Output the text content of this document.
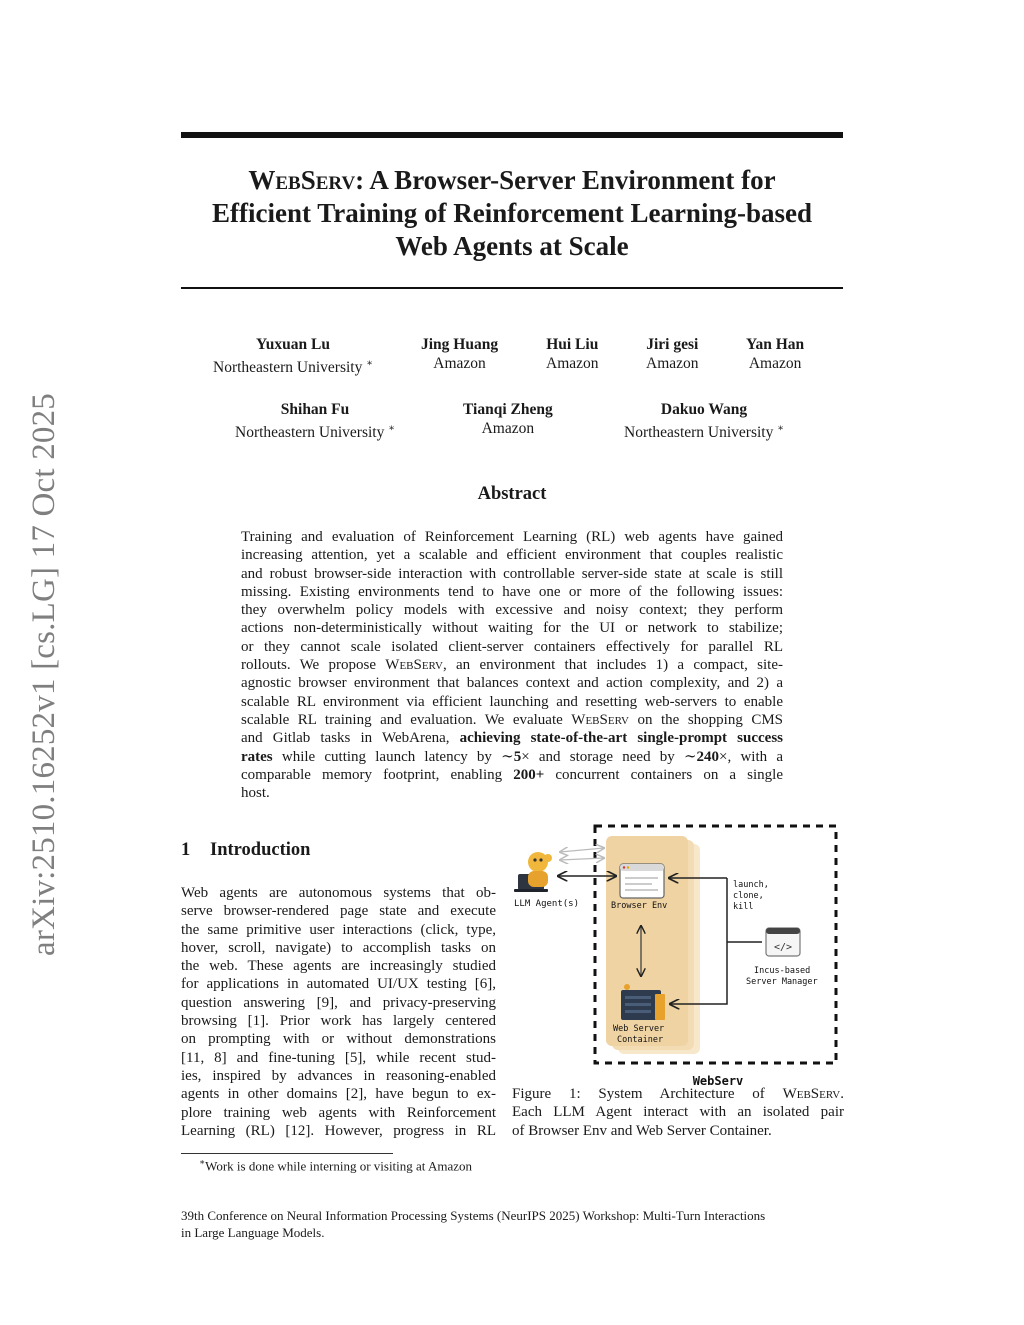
arXiv:2510.16252v1 [cs.LG] 17 Oct 2025
WebServ: A Browser-Server Environment for
Efficient Training of Reinforcement Learning-based
Web Agents at Scale
Yuxuan Lu
Northeastern University ∗
Jing Huang
Amazon
Hui Liu
Amazon
Jiri gesi
Amazon
Yan Han
Amazon
Shihan Fu
Northeastern University ∗
Tianqi Zheng
Amazon
Dakuo Wang
Northeastern University ∗
Abstract
Training and evaluation of Reinforcement Learning (RL) web agents have gained
increasing attention, yet a scalable and efficient environment that couples realistic
and robust browser-side interaction with controllable server-side state at scale is still
missing. Existing environments tend to have one or more of the following issues:
they overwhelm policy models with excessive and noisy context; they perform
actions non-deterministically without waiting for the UI or network to stabilize;
or they cannot scale isolated client-server containers effectively for parallel RL
rollouts. We propose WebServ, an environment that includes 1) a compact, site-
agnostic browser environment that balances context and action complexity, and 2) a
scalable RL environment via efficient launching and resetting web-servers to enable
scalable RL training and evaluation. We evaluate WebServ on the shopping CMS
and Gitlab tasks in WebArena, achieving state-of-the-art single-prompt success
rates while cutting launch latency by ∼5× and storage need by ∼240×, with a
comparable memory footprint, enabling 200+ concurrent containers on a single
host.
1 Introduction
Web agents are autonomous systems that ob-
serve browser-rendered page state and execute
the same primitive user interactions (click, type,
hover, scroll, navigate) to accomplish tasks on
the web. These agents are increasingly studied
for applications in automated UI/UX testing [6],
question answering [9], and privacy-preserving
browsing [1]. Prior work has largely centered
on prompting with or without demonstrations
[11, 8] and fine-tuning [5], while recent stud-
ies, inspired by advances in reasoning-enabled
agents in other domains [2], have begun to ex-
plore training web agents with Reinforcement
Learning (RL) [12]. However, progress in RL
LLM Agent(s)	Browser Env
Web Server
Container
launch,
clone,
kill
</>
Incus-based
Server Manager
WebServ
Figure 1: System Architecture of WebServ.
Each LLM Agent interact with an isolated pair
of Browser Env and Web Server Container.
∗Work is done while interning or visiting at Amazon
39th Conference on Neural Information Processing Systems (NeurIPS 2025) Workshop: Multi-Turn Interactions
in Large Language Models.
